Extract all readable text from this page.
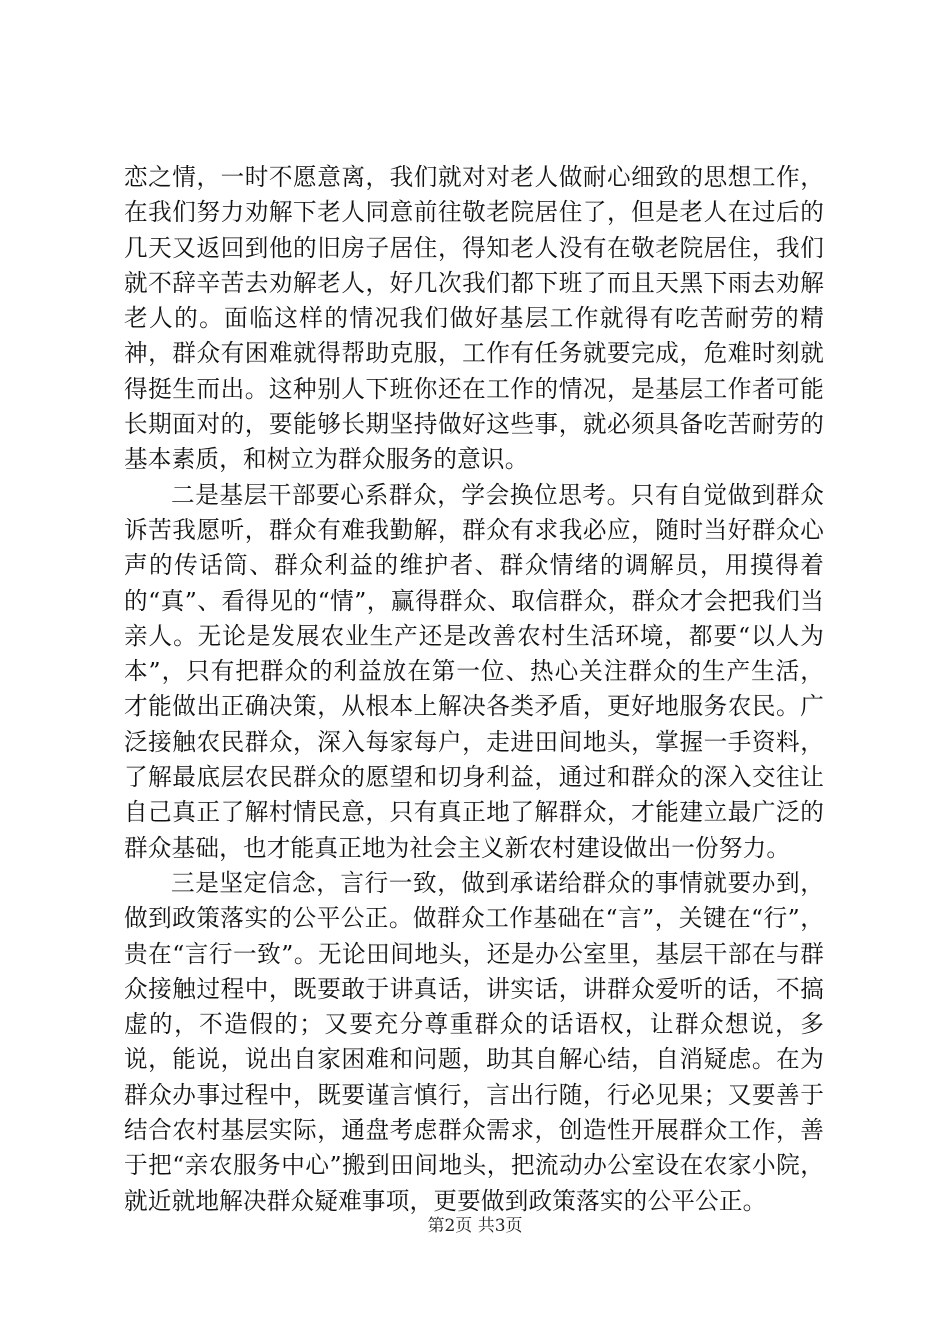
恋之情，一时不愿意离，我们就对对老人做耐心细致的思想工作，在我们努力劝解下老人同意前往敬老院居住了，但是老人在过后的几天又返回到他的旧房子居住，得知老人没有在敬老院居住，我们就不辞辛苦去劝解老人，好几次我们都下班了而且天黑下雨去劝解老人的。面临这样的情况我们做好基层工作就得有吃苦耐劳的精神，群众有困难就得帮助克服，工作有任务就要完成，危难时刻就得挺生而出。这种别人下班你还在工作的情况，是基层工作者可能长期面对的，要能够长期坚持做好这些事，就必须具备吃苦耐劳的基本素质，和树立为群众服务的意识。

二是基层干部要心系群众，学会换位思考。只有自觉做到群众诉苦我愿听，群众有难我勤解，群众有求我必应，随时当好群众心声的传话筒、群众利益的维护者、群众情绪的调解员，用摸得着的“真”、看得见的“情”，赢得群众、取信群众，群众才会把我们当亲人。无论是发展农业生产还是改善农村生活环境，都要“以人为本”，只有把群众的利益放在第一位、热心关注群众的生产生活，才能做出正确决策，从根本上解决各类矛盾，更好地服务农民。广泛接触农民群众，深入每家每户，走进田间地头，掌握一手资料，了解最底层农民群众的愿望和切身利益，通过和群众的深入交往让自己真正了解村情民意，只有真正地了解群众，才能建立最广泛的群众基础，也才能真正地为社会主义新农村建设做出一份努力。

三是坚定信念，言行一致，做到承诺给群众的事情就要办到，做到政策落实的公平公正。做群众工作基础在“言”，关键在“行”，贵在“言行一致”。无论田间地头，还是办公室里，基层干部在与群众接触过程中，既要敢于讲真话，讲实话，讲群众爱听的话，不搞虚的，不造假的；又要充分尊重群众的话语权，让群众想说，多说，能说，说出自家困难和问题，助其自解心结，自消疑虑。在为群众办事过程中，既要谨言慎行，言出行随，行必见果；又要善于结合农村基层实际，通盘考虑群众需求，创造性开展群众工作，善于把“亲农服务中心”搬到田间地头，把流动办公室设在农家小院，就近就地解决群众疑难事项，更要做到政策落实的公平公正。

第2页 共3页
